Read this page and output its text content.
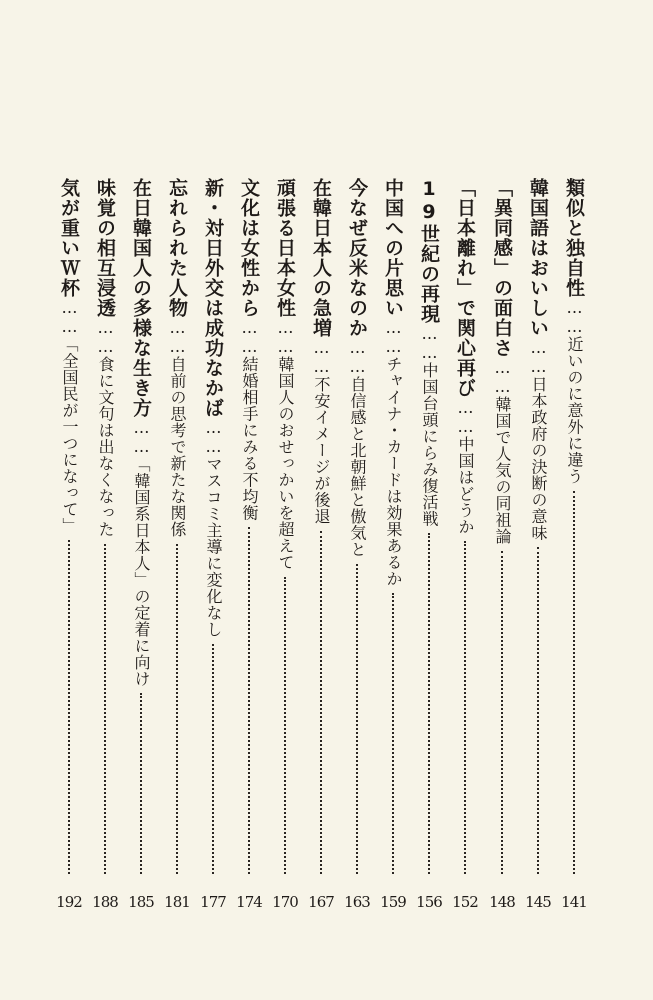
類似と独自性……近いのに意外に違う
141
韓国語はおいしい……日本政府の決断の意味
145
「異同感」の面白さ……韓国で人気の同祖論
148
「日本離れ」で関心再び……中国はどうか
152
19世紀の再現……中国台頭にらみ復活戦
156
中国への片思い……チャイナ・カードは効果あるか
159
今なぜ反米なのか……自信感と北朝鮮と傲気と
163
在韓日本人の急増……不安イメージが後退
167
頑張る日本女性……韓国人のおせっかいを超えて
170
文化は女性から……結婚相手にみる不均衡
174
新・対日外交は成功なかば……マスコミ主導に変化なし
177
忘れられた人物……自前の思考で新たな関係
181
在日韓国人の多様な生き方……「韓国系日本人」の定着に向け
185
味覚の相互浸透……食に文句は出なくなった
188
気が重いＷ杯……「全国民が一つになって」
192
